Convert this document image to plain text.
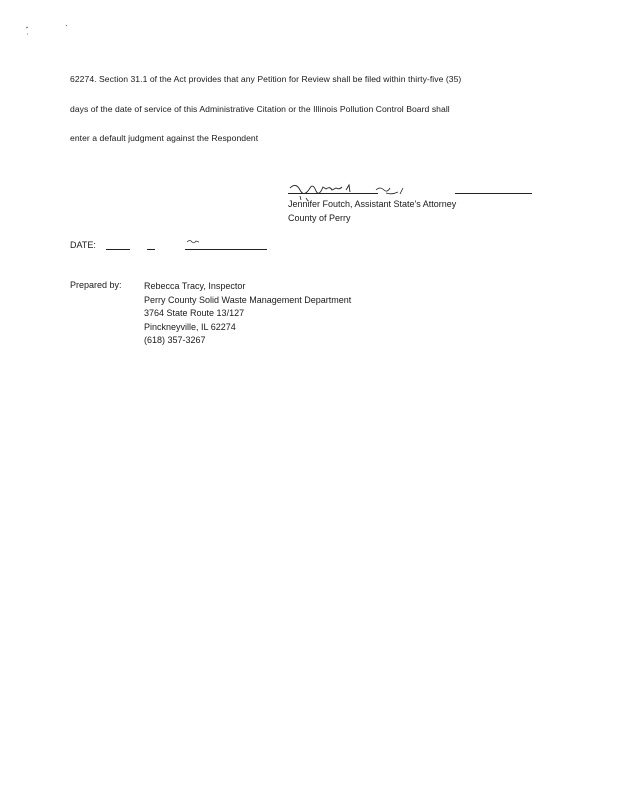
62274. Section 31.1 of the Act provides that any Petition for Review shall be filed within thirty-five (35)
days of the date of service of this Administrative Citation or the Illinois Pollution Control Board shall
enter a default judgment against the Respondent
Jennifer Foutch, Assistant State's Attorney
County of Perry
DATE:
Prepared by: Rebecca Tracy, Inspector
Perry County Solid Waste Management Department
3764 State Route 13/127
Pinckneyville, IL 62274
(618) 357-3267
